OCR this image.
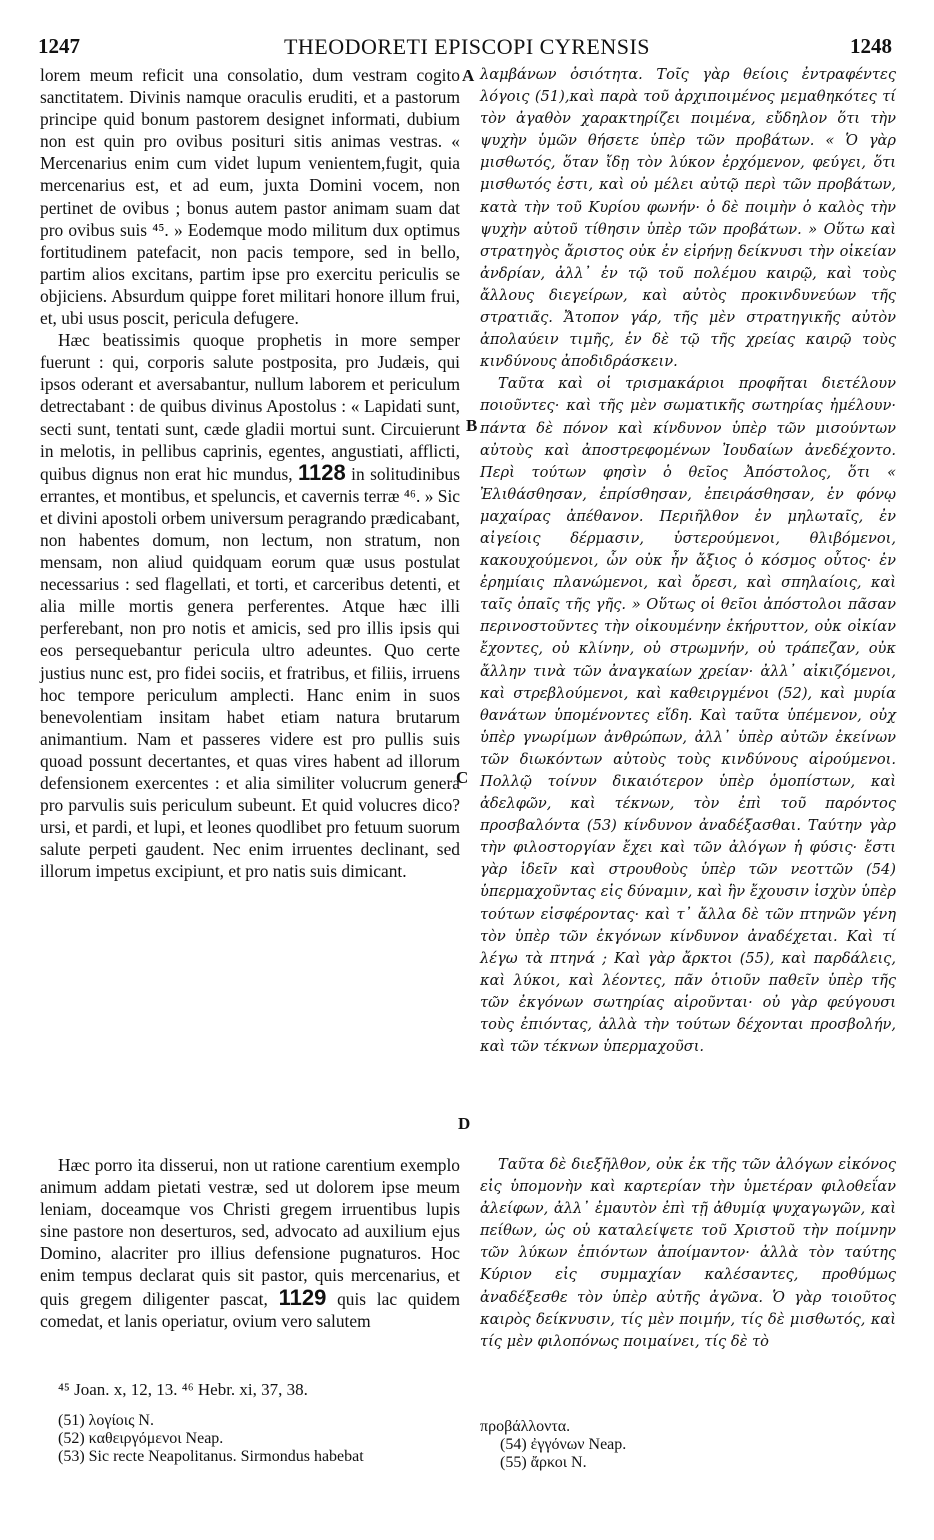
1247	THEODORETI EPISCOPI CYRENSIS	1248

lorem meum reficit una consolatio, dum vestram cogito sanctitatem. Divinis namque oraculis eruditi, et a pastorum principe quid bonum pastorem designet informati, dubium non est quin pro ovibus posituri sitis animas vestras. « Mercenarius enim cum videt lupum venientem,fugit, quia mercenarius est, et ad eum, juxta Domini vocem, non pertinet de ovibus ; bonus autem pastor animam suam dat pro ovibus suis ⁴⁵. » Eodemque modo militum dux optimus fortitudinem patefacit, non pacis tempore, sed in bello, partim alios excitans, partim ipse pro exercitu periculis se objiciens. Absurdum quippe foret militari honore illum frui, et, ubi usus poscit, pericula defugere.

Hæc beatissimis quoque prophetis in more semper fuerunt : qui, corporis salute postposita, pro Judæis, qui ipsos oderant et aversabantur, nullum laborem et periculum detrectabant : de quibus divinus Apostolus : « Lapidati sunt, secti sunt, tentati sunt, cæde gladii mortui sunt. Circuierunt in melotis, in pellibus caprinis, egentes, angustiati, afflicti, quibus dignus non erat hic mundus, 1128 in solitudinibus errantes, et montibus, et speluncis, et cavernis terræ ⁴⁶. » Sic et divini apostoli orbem universum peragrando prædicabant, non habentes domum, non lectum, non stratum, non mensam, non aliud quidquam eorum quæ usus postulat necessarius : sed flagellati, et torti, et carceribus detenti, et alia mille mortis genera perferentes. Atque hæc illi perferebant, non pro notis et amicis, sed pro illis ipsis qui eos persequebantur pericula ultro adeuntes. Quo certe justius nunc est, pro fidei sociis, et fratribus, et filiis, irruens hoc tempore periculum amplecti. Hanc enim in suos benevolentiam insitam habet etiam natura brutarum animantium. Nam et passeres videre est pro pullis suis quoad possunt decertantes, et quas vires habent ad illorum defensionem exercentes : et alia similiter volucrum genera pro parvulis suis periculum subeunt. Et quid volucres dico? ursi, et pardi, et lupi, et leones quodlibet pro fetuum suorum salute perpeti gaudent. Nec enim irruentes declinant, sed illorum impetus excipiunt, et pro natis suis dimicant.

λαμβάνων ὁσιότητα. Τοῖς γὰρ θείοις ἐντραφέντες λόγοις (51),καὶ παρὰ τοῦ ἀρχιποιμένος μεμαθηκότες τί τὸν ἀγαθὸν χαρακτηρίζει ποιμένα, εὔδηλον ὅτι τὴν ψυχὴν ὑμῶν θήσετε ὑπὲρ τῶν προβάτων. « Ὁ γὰρ μισθωτός, ὅταν ἴδῃ τὸν λύκον ἐρχόμενον, φεύγει, ὅτι μισθωτός ἐστι, καὶ οὐ μέλει αὐτῷ περὶ τῶν προβάτων, κατὰ τὴν τοῦ Κυρίου φωνήν· ὁ δὲ ποιμὴν ὁ καλὸς τὴν ψυχὴν αὐτοῦ τίθησιν ὑπὲρ τῶν προβάτων. » Οὕτω καὶ στρατηγὸς ἄριστος οὐκ ἐν εἰρήνῃ δείκνυσι τὴν οἰκείαν ἀνδρίαν, ἀλλ᾽ ἐν τῷ τοῦ πολέμου καιρῷ, καὶ τοὺς ἄλλους διεγείρων, καὶ αὐτὸς προκινδυνεύων τῆς στρατιᾶς. Ἄτοπον γάρ, τῆς μὲν στρατηγικῆς αὐτὸν ἀπολαύειν τιμῆς, ἐν δὲ τῷ τῆς χρείας καιρῷ τοὺς κινδύνους ἀποδιδράσκειν.

Ταῦτα καὶ οἱ τρισμακάριοι προφῆται διετέλουν ποιοῦντες· καὶ τῆς μὲν σωματικῆς σωτηρίας ἠμέλουν· πάντα δὲ πόνον καὶ κίνδυνον ὑπὲρ τῶν μισούντων αὐτοὺς καὶ ἀποστρεφομένων Ἰουδαίων ἀνεδέχοντο. Περὶ τούτων φησὶν ὁ θεῖος Ἀπόστολος, ὅτι « Ἐλιθάσθησαν, ἐπρίσθησαν, ἐπειράσθησαν, ἐν φόνῳ μαχαίρας ἀπέθανον. Περιῆλθον ἐν μηλωταῖς, ἐν αἰγείοις δέρμασιν, ὑστερούμενοι, θλιβόμενοι, κακουχούμενοι, ὧν οὐκ ἦν ἄξιος ὁ κόσμος οὗτος· ἐν ἐρημίαις πλανώμενοι, καὶ ὄρεσι, καὶ σπηλαίοις, καὶ ταῖς ὀπαῖς τῆς γῆς. » Οὕτως οἱ θεῖοι ἀπόστολοι πᾶσαν περινοστοῦντες τὴν οἰκουμένην ἐκήρυττον, οὐκ οἰκίαν ἔχοντες, οὐ κλίνην, οὐ στρωμνήν, οὐ τράπεζαν, οὐκ ἄλλην τινὰ τῶν ἀναγκαίων χρείαν· ἀλλ᾽ αἰκιζόμενοι, καὶ στρεβλούμενοι, καὶ καθειργμένοι (52), καὶ μυρία θανάτων ὑπομένοντες εἴδη. Καὶ ταῦτα ὑπέμενον, οὐχ ὑπὲρ γνωρίμων ἀνθρώπων, ἀλλ᾽ ὑπὲρ αὐτῶν ἐκείνων τῶν διωκόντων αὐτοὺς τοὺς κινδύνους αἱρούμενοι. Πολλῷ τοίνυν δικαιότερον ὑπὲρ ὁμοπίστων, καὶ ἀδελφῶν, καὶ τέκνων, τὸν ἐπὶ τοῦ παρόντος προσβαλόντα (53) κίνδυνον ἀναδέξασθαι. Ταύτην γὰρ τὴν φιλοστοργίαν ἔχει καὶ τῶν ἀλόγων ἡ φύσις· ἔστι γὰρ ἰδεῖν καὶ στρουθοὺς ὑπὲρ τῶν νεοττῶν (54) ὑπερμαχοῦντας εἰς δύναμιν, καὶ ἣν ἔχουσιν ἰσχὺν ὑπὲρ τούτων εἰσφέροντας· καὶ τ᾽ ἄλλα δὲ τῶν πτηνῶν γένη τὸν ὑπὲρ τῶν ἐκγόνων κίνδυνον ἀναδέχεται. Καὶ τί λέγω τὰ πτηνά ; Καὶ γὰρ ἄρκτοι (55), καὶ παρδάλεις, καὶ λύκοι, καὶ λέοντες, πᾶν ὁτιοῦν παθεῖν ὑπὲρ τῆς τῶν ἐκγόνων σωτηρίας αἱροῦνται· οὐ γὰρ φεύγουσι τοὺς ἐπιόντας, ἀλλὰ τὴν τούτων δέχονται προσβολήν, καὶ τῶν τέκνων ὑπερμαχοῦσι.

A
B
C
D

Hæc porro ita disserui, non ut ratione carentium exemplo animum addam pietati vestræ, sed ut dolorem ipse meum leniam, doceamque vos Christi gregem irruentibus lupis sine pastore non deserturos, sed, advocato ad auxilium ejus Domino, alacriter pro illius defensione pugnaturos. Hoc enim tempus declarat quis sit pastor, quis mercenarius, et quis gregem diligenter pascat, 1129 quis lac quidem comedat, et lanis operiatur, ovium vero salutem

Ταῦτα δὲ διεξῆλθον, οὐκ ἐκ τῆς τῶν ἀλόγων εἰκόνος εἰς ὑπομονὴν καὶ καρτερίαν τὴν ὑμετέραν φιλοθεΐαν ἀλείφων, ἀλλ᾽ ἐμαυτὸν ἐπὶ τῇ ἀθυμίᾳ ψυχαγωγῶν, καὶ πείθων, ὡς οὐ καταλείψετε τοῦ Χριστοῦ τὴν ποίμνην τῶν λύκων ἐπιόντων ἀποίμαντον· ἀλλὰ τὸν ταύτης Κύριον εἰς συμμαχίαν καλέσαντες, προθύμως ἀναδέξεσθε τὸν ὑπὲρ αὐτῆς ἀγῶνα. Ὁ γὰρ τοιοῦτος καιρὸς δείκνυσιν, τίς μὲν ποιμήν, τίς δὲ μισθωτός, καὶ τίς μὲν φιλοπόνως ποιμαίνει, τίς δὲ τὸ

⁴⁵ Joan. x, 12, 13. ⁴⁶ Hebr. xi, 37, 38.
(51) λογίοις N.
(52) καθειργόμενοι Neap.
(53) Sic recte Neapolitanus. Sirmondus habebat
προβάλλοντα.
(54) ἐγγόνων Neap.
(55) ἄρκοι N.
